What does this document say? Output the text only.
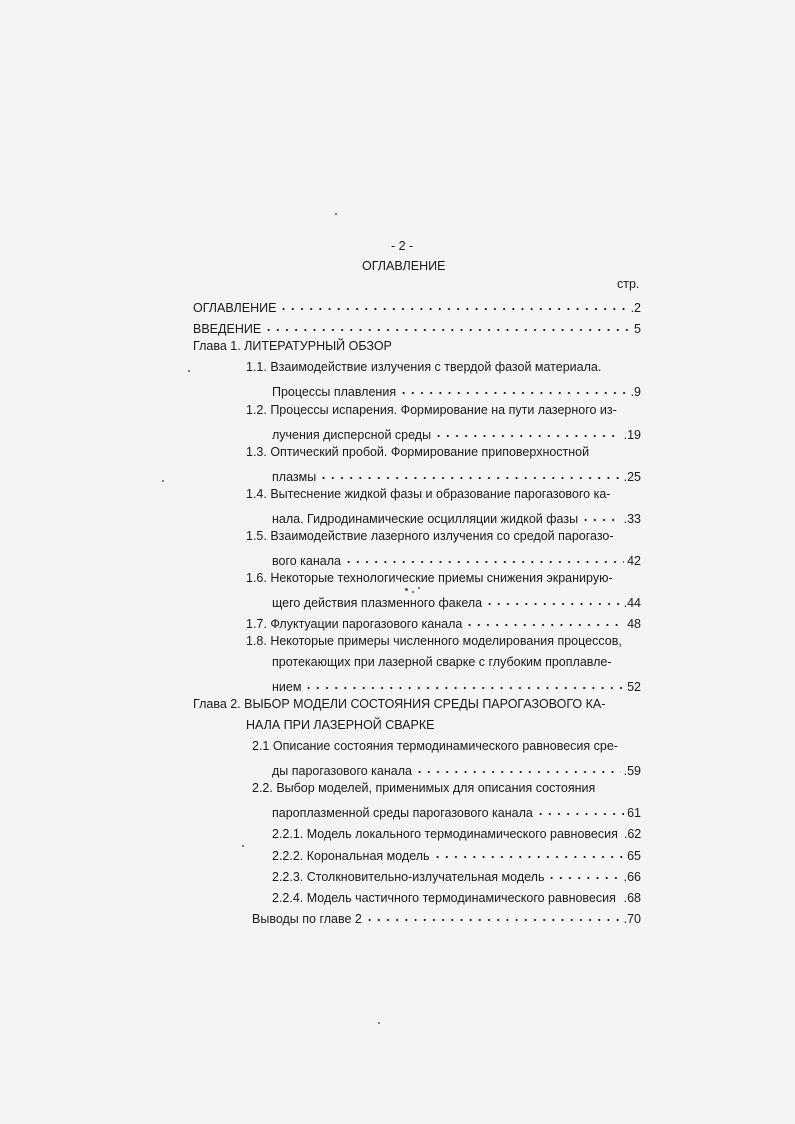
- 2 -
ОГЛАВЛЕНИЕ
стр.
ОГЛАВЛЕНИЕ	.2
ВВЕДЕНИЕ	5
Глава 1. ЛИТЕРАТУРНЫЙ ОБЗОР
1.1. Взаимодействие излучения с твердой фазой материала.
Процессы плавления	.9
1.2. Процессы испарения. Формирование на пути лазерного из-
лучения дисперсной среды	.19
1.3. Оптический пробой. Формирование приповерхностной
плазмы	.25
1.4. Вытеснение жидкой фазы и образование парогазового ка-
нала. Гидродинамические осцилляции жидкой фазы	.33
1.5. Взаимодействие лазерного излучения со средой парогазо-
вого канала	42
1.6. Некоторые технологические приемы снижения экранирую-
щего действия плазменного факела	.44
1.7. Флуктуации парогазового канала	48
1.8. Некоторые примеры численного моделирования процессов,
протекающих при лазерной сварке с глубоким проплавле-
нием	52
Глава 2. ВЫБОР МОДЕЛИ СОСТОЯНИЯ СРЕДЫ ПАРОГАЗОВОГО КА-
НАЛА ПРИ ЛАЗЕРНОЙ СВАРКЕ
2.1 Описание состояния термодинамического равновесия сре-
ды парогазового канала	.59
2.2. Выбор моделей, применимых для описания состояния
пароплазменной среды парогазового канала	61
2.2.1. Модель локального термодинамического равновесия .62
2.2.2. Корональная модель	65
2.2.3. Столкновительно-излучательная модель	.66
2.2.4. Модель частичного термодинамического равновесия .68
Выводы по главе 2	.70
